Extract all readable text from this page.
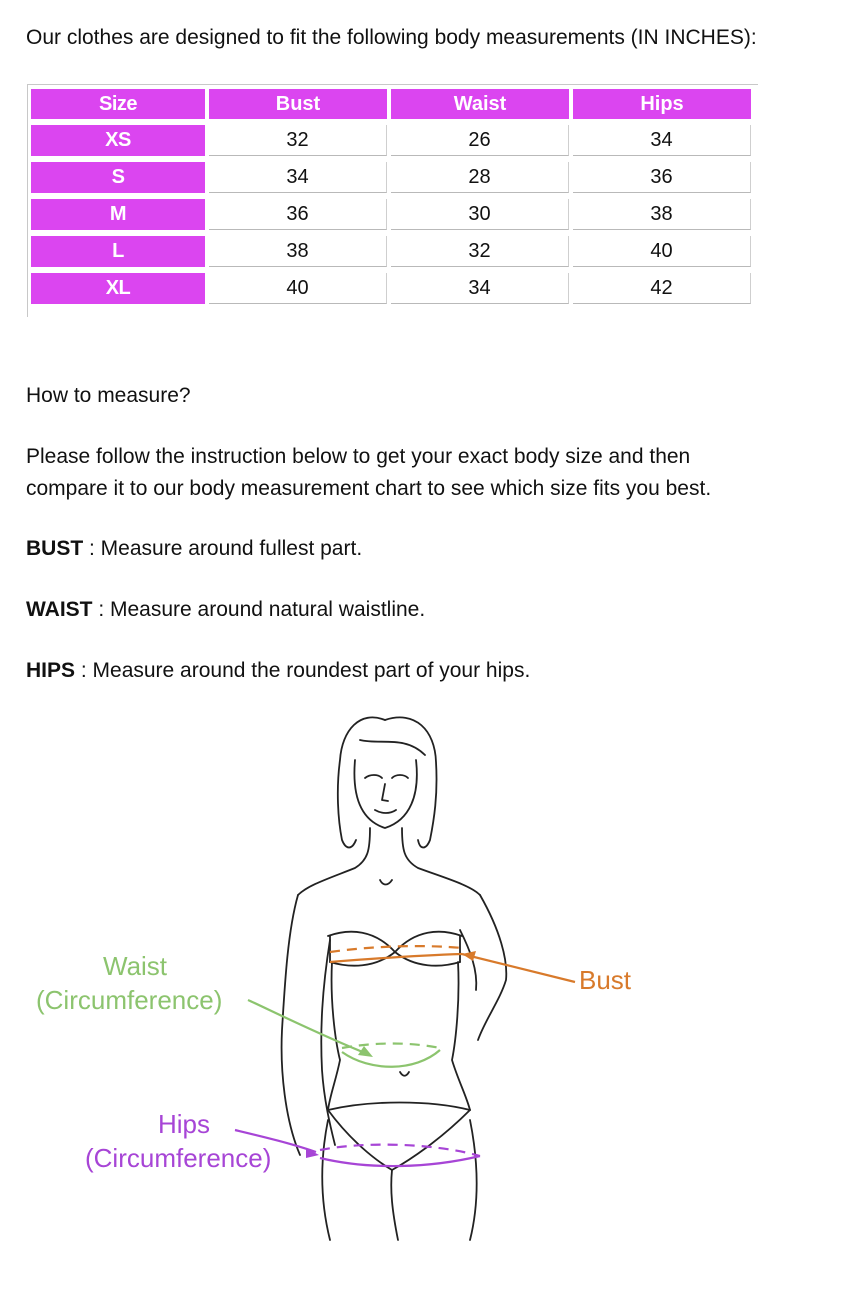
Our clothes are designed to fit the following body measurements (IN INCHES):
Size	Bust	Waist	Hips
XS	32	26	34
S	34	28	36
M	36	30	38
L	38	32	40
XL	40	34	42
How to measure?
Please follow the instruction below to get your exact body size and then
compare it to our body measurement chart to see which size fits you best.
BUST : Measure around fullest part.
WAIST : Measure around natural waistline.
HIPS : Measure around the roundest part of your hips.
Waist
(Circumference)
Bust
Hips
(Circumference)
